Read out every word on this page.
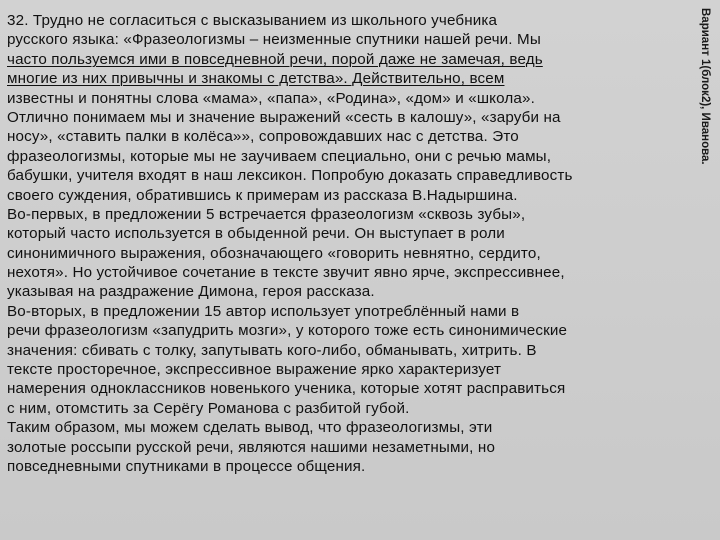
32. Трудно не согласиться с высказыванием из школьного учебника
русского языка: «Фразеологизмы – неизменные спутники нашей речи. Мы
часто пользуемся ими в повседневной речи, порой даже не замечая, ведь
многие из них привычны и знакомы с детства». Действительно, всем
известны и понятны слова «мама», «папа», «Родина», «дом» и «школа».
Отлично понимаем мы и значение выражений «сесть в калошу», «заруби на
носу», «ставить палки в колёса»», сопровождавших нас с детства. Это
фразеологизмы, которые мы не заучиваем специально, они с речью мамы,
бабушки, учителя входят в наш лексикон. Попробую доказать справедливость
своего суждения, обратившись к примерам из рассказа В.Надыршина.
Во-первых, в предложении 5 встречается фразеологизм «сквозь зубы»,
который часто используется в обыденной речи. Он выступает в роли
синонимичного выражения, обозначающего «говорить невнятно, сердито,
нехотя». Но устойчивое сочетание в тексте звучит явно ярче, экспрессивнее,
указывая на раздражение Димона, героя рассказа.
Во-вторых, в предложении 15 автор использует употреблённый нами в
речи фразеологизм «запудрить мозги», у которого тоже есть синонимические
значения: сбивать с толку, запутывать кого-либо, обманывать, хитрить. В
тексте просторечное, экспрессивное выражение ярко характеризует
намерения одноклассников новенького ученика, которые хотят расправиться
с ним, отомстить за Серёгу Романова с разбитой губой.
Таким образом, мы можем сделать вывод, что фразеологизмы, эти
золотые россыпи русской речи, являются нашими незаметными, но
повседневными спутниками в процессе общения.
Вариант 1(блок2), Иванова.
